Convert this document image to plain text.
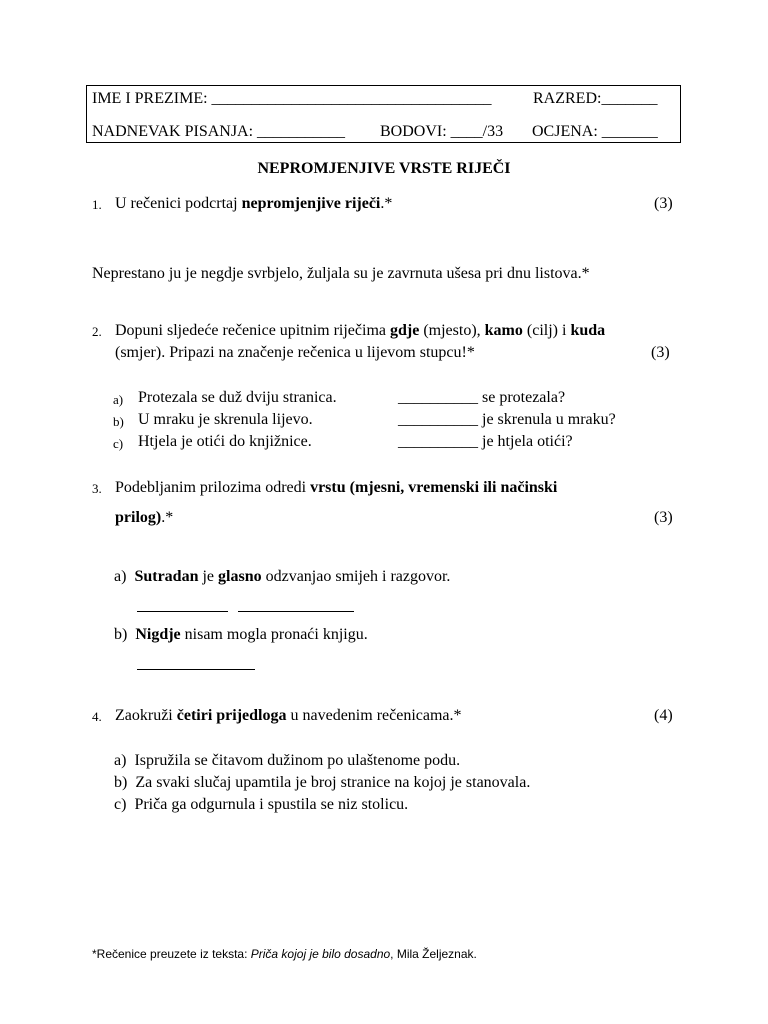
IME I PREZIME: ___________________________________	RAZRED:_______
NADNEVAK PISANJA: ___________ BODOVI: ____/33 OCJENA: _______
NEPROMJENJIVE VRSTE RIJEČI
1. U rečenici podcrtaj nepromjenjive riječi.*	(3)
Neprestano ju je negdje svrbjelo, žuljala su je zavrnuta ušesa pri dnu listova.*
2. Dopuni sljedeće rečenice upitnim riječima gdje (mjesto), kamo (cilj) i kuda
(smjer). Pripazi na značenje rečenica u lijevom stupcu!*	(3)
a) Protezala se duž dviju stranica.	__________ se protezala?
b) U mraku je skrenula lijevo.	__________ je skrenula u mraku?
c) Htjela je otići do knjižnice.	__________ je htjela otići?
3. Podebljanim prilozima odredi vrstu (mjesni, vremenski ili načinski
prilog).*	(3)
a) Sutradan je glasno odzvanjao smijeh i razgovor.
b) Nigdje nisam mogla pronaći knjigu.
4. Zaokruži četiri prijedloga u navedenim rečenicama.*	(4)
a) Ispružila se čitavom dužinom po ulaštenome podu.
b) Za svaki slučaj upamtila je broj stranice na kojoj je stanovala.
c) Priča ga odgurnula i spustila se niz stolicu.
*Rečenice preuzete iz teksta: Priča kojoj je bilo dosadno, Mila Željeznak.
